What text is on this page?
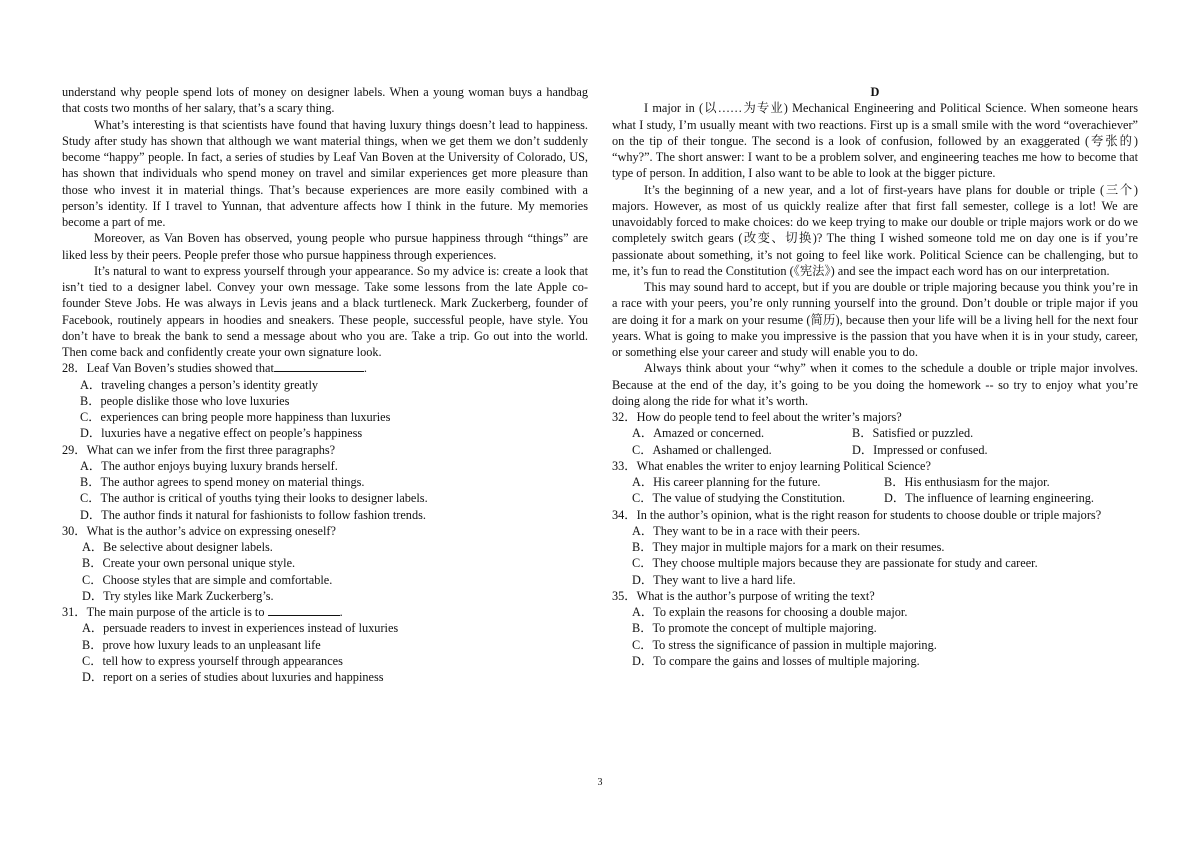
understand why people spend lots of money on designer labels. When a young woman buys a handbag that costs two months of her salary, that’s a scary thing.

What’s interesting is that scientists have found that having luxury things doesn’t lead to happiness. Study after study has shown that although we want material things, when we get them we don’t suddenly become “happy” people. In fact, a series of studies by Leaf Van Boven at the University of Colorado, US, has shown that individuals who spend money on travel and similar experiences get more pleasure than those who invest it in material things. That’s because experiences are more easily combined with a person’s identity. If I travel to Yunnan, that adventure affects how I think in the future. My memories become a part of me.

Moreover, as Van Boven has observed, young people who pursue happiness through “things” are liked less by their peers. People prefer those who pursue happiness through experiences.

It’s natural to want to express yourself through your appearance. So my advice is: create a look that isn’t tied to a designer label. Convey your own message. Take some lessons from the late Apple co-founder Steve Jobs. He was always in Levis jeans and a black turtleneck. Mark Zuckerberg, founder of Facebook, routinely appears in hoodies and sneakers. These people, successful people, have style. You don’t have to break the bank to send a message about who you are. Take a trip. Go out into the world. Then come back and confidently create your own signature look.

28．Leaf Van Boven’s studies showed that	.

A．traveling changes a person’s identity greatly

B．people dislike those who love luxuries

C．experiences can bring people more happiness than luxuries

D．luxuries have a negative effect on people’s happiness

29．What can we infer from the first three paragraphs?

A．The author enjoys buying luxury brands herself.

B．The author agrees to spend money on material things.

C．The author is critical of youths tying their looks to designer labels.

D．The author finds it natural for fashionists to follow fashion trends.

30．What is the author’s advice on expressing oneself?

A．Be selective about designer labels.

B．Create your own personal unique style.

C．Choose styles that are simple and comfortable.

D．Try styles like Mark Zuckerberg’s.

31．The main purpose of the article is to	.

A．persuade readers to invest in experiences instead of luxuries

B．prove how luxury leads to an unpleasant life

C．tell how to express yourself through appearances

D．report on a series of studies about luxuries and happiness

D

I major in (以……为专业) Mechanical Engineering and Political Science. When someone hears what I study, I’m usually meant with two reactions. First up is a small smile with the word “overachiever” on the tip of their tongue. The second is a look of confusion, followed by an exaggerated (夸张的) “why?”. The short answer: I want to be a problem solver, and engineering teaches me how to become that type of person. In addition, I also want to be able to look at the bigger picture.

It’s the beginning of a new year, and a lot of first-years have plans for double or triple (三个) majors. However, as most of us quickly realize after that first fall semester, college is a lot! We are unavoidably forced to make choices: do we keep trying to make our double or triple majors work or do we completely switch gears (改变、切换)? The thing I wished someone told me on day one is if you’re passionate about something, it’s not going to feel like work. Political Science can be challenging, but to me, it’s fun to read the Constitution (《宪法》) and see the impact each word has on our interpretation.

This may sound hard to accept, but if you are double or triple majoring because you think you’re in a race with your peers, you’re only running yourself into the ground. Don’t double or triple major if you are doing it for a mark on your resume (简历), because then your life will be a living hell for the next four years. What is going to make you impressive is the passion that you have when it is in your study, career, or something else your career and study will enable you to do.

Always think about your “why” when it comes to the schedule a double or triple major involves. Because at the end of the day, it’s going to be you doing the homework -- so try to enjoy what you’re doing along the ride for what it’s worth.

32．How do people tend to feel about the writer’s majors?

A．Amazed or concerned.	B．Satisfied or puzzled.
C．Ashamed or challenged.	D．Impressed or confused.

33．What enables the writer to enjoy learning Political Science?

A．His career planning for the future.	B．His enthusiasm for the major.
C．The value of studying the Constitution.	D．The influence of learning engineering.

34．In the author’s opinion, what is the right reason for students to choose double or triple majors?

A．They want to be in a race with their peers.

B．They major in multiple majors for a mark on their resumes.

C．They choose multiple majors because they are passionate for study and career.

D．They want to live a hard life.

35．What is the author’s purpose of writing the text?

A．To explain the reasons for choosing a double major.

B．To promote the concept of multiple majoring.

C．To stress the significance of passion in multiple majoring.

D．To compare the gains and losses of multiple majoring.

3
